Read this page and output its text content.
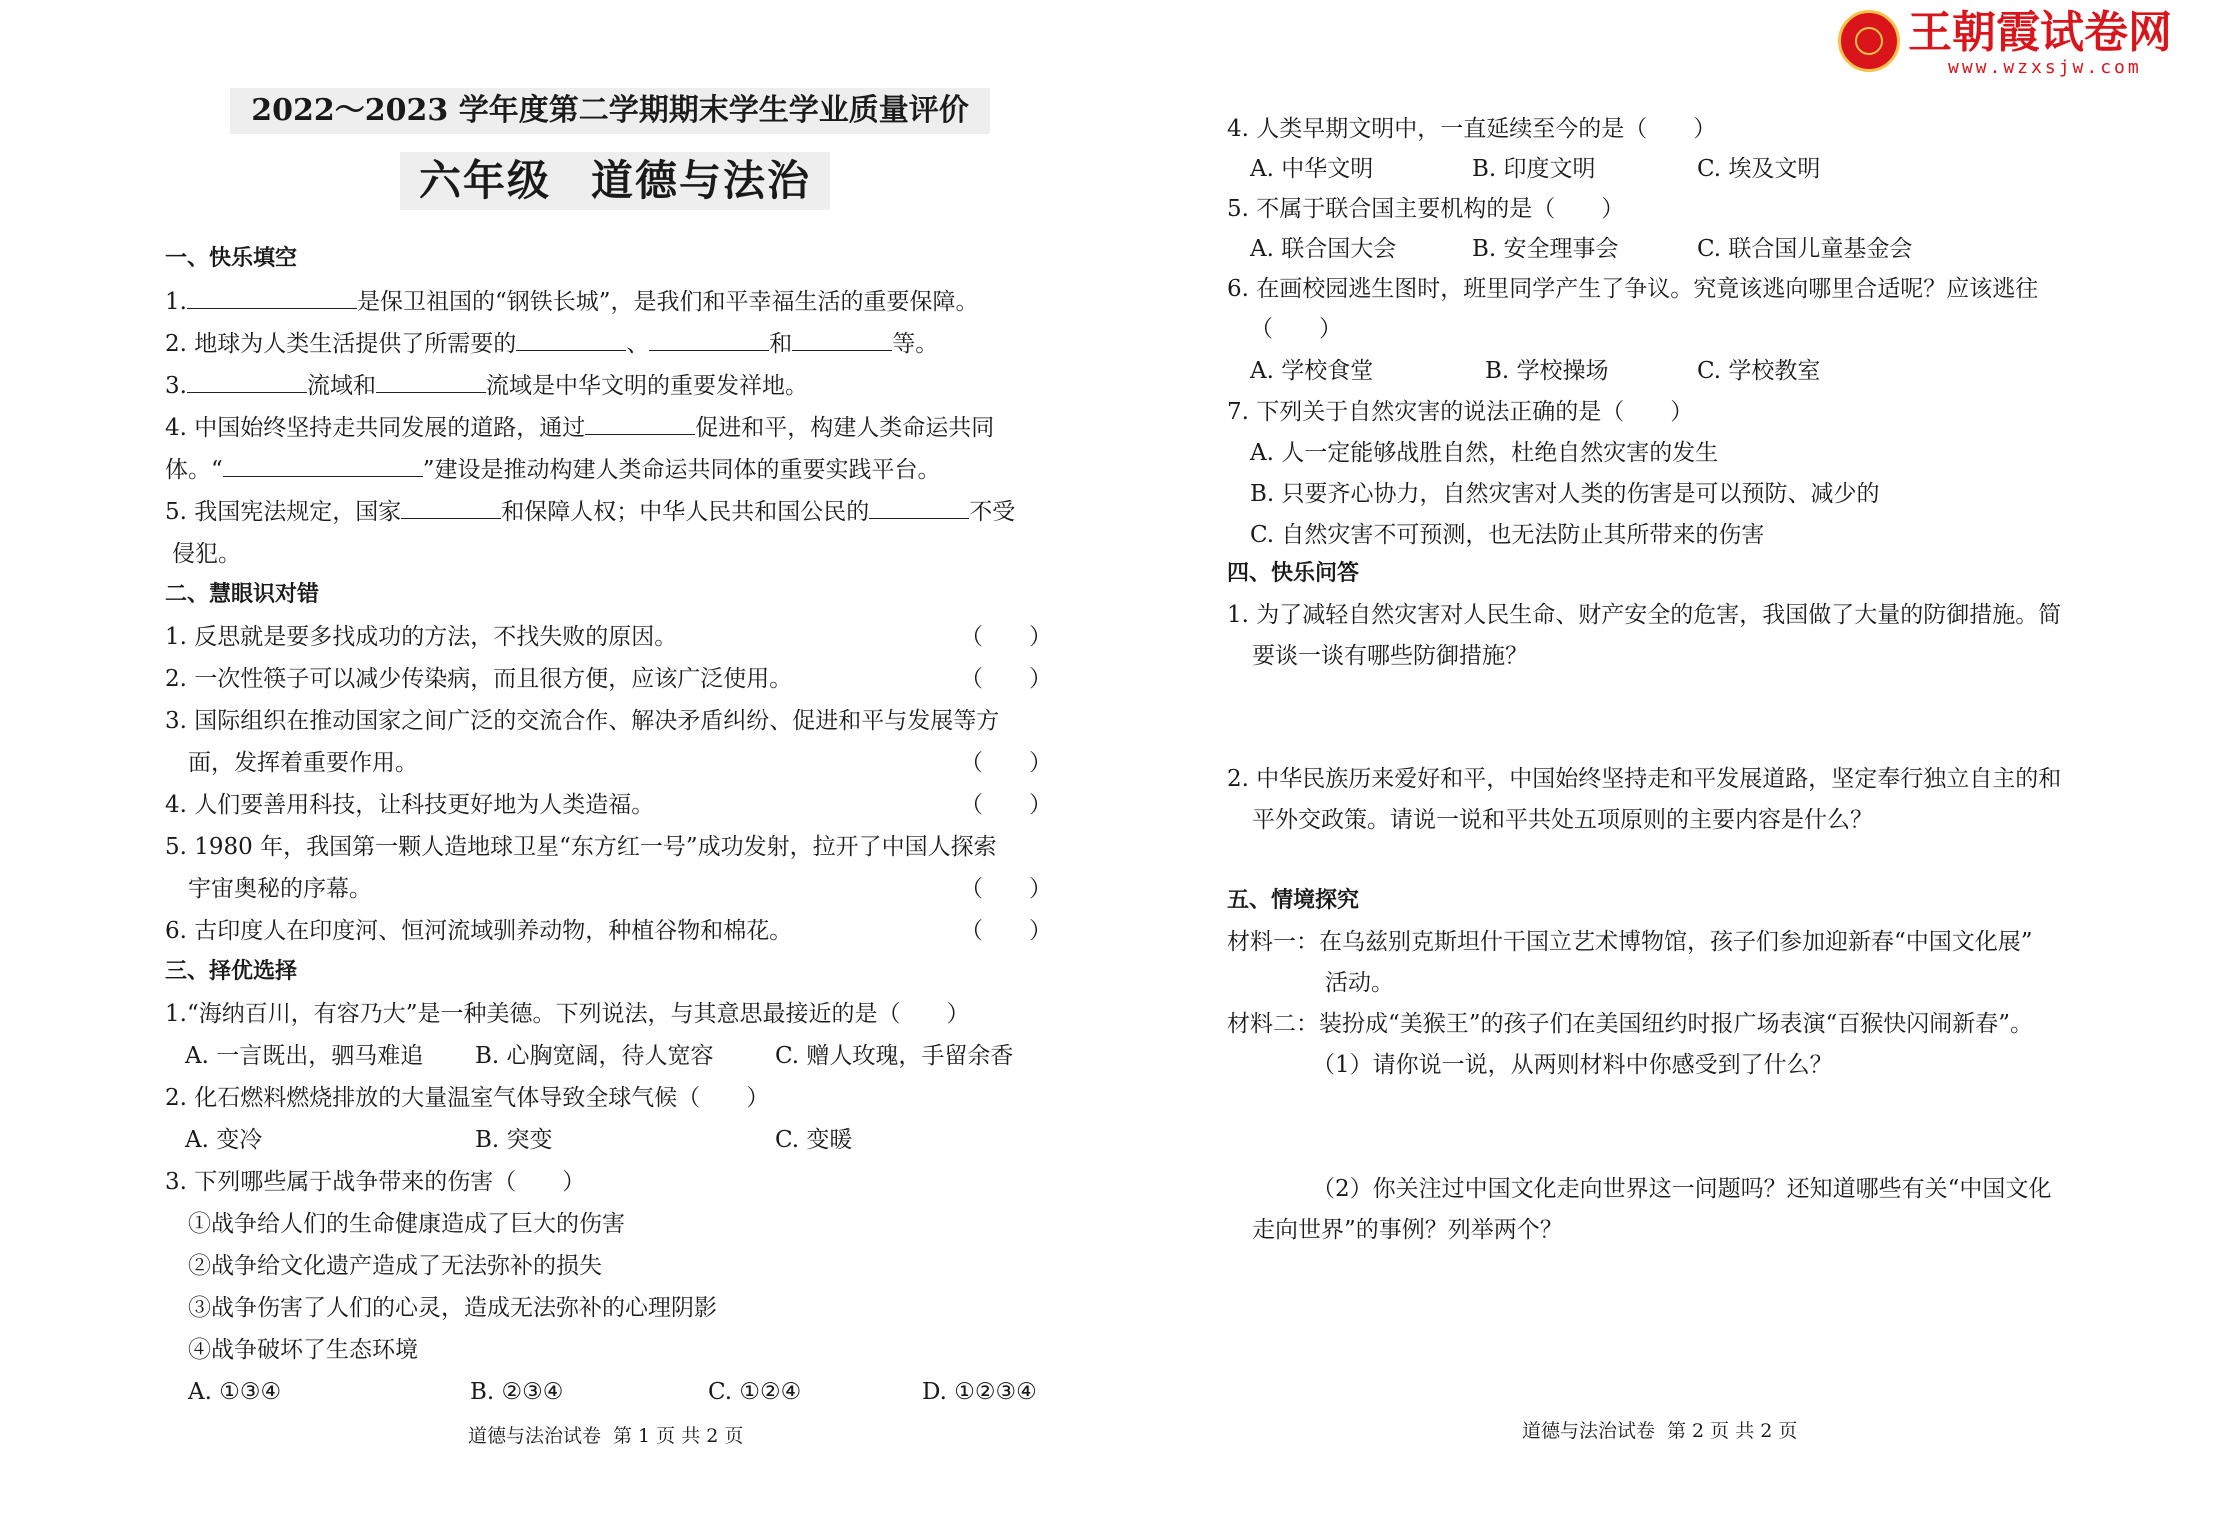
王朝霞试卷网
www.wzxsjw.com
2022～2023 学年度第二学期期末学生学业质量评价
六年级 道德与法治
一、快乐填空
1.	是保卫祖国的“钢铁长城”，是我们和平幸福生活的重要保障。
2. 地球为人类生活提供了所需要的	、	和	等。
3.	流域和	流域是中华文明的重要发祥地。
4. 中国始终坚持走共同发展的道路，通过	促进和平，构建人类命运共同
体。“	”建设是推动构建人类命运共同体的重要实践平台。
5. 我国宪法规定，国家	和保障人权；中华人民共和国公民的	不受
侵犯。
二、慧眼识对错
1. 反思就是要多找成功的方法，不找失败的原因。	（　　）
2. 一次性筷子可以减少传染病，而且很方便，应该广泛使用。	（　　）
3. 国际组织在推动国家之间广泛的交流合作、解决矛盾纠纷、促进和平与发展等方
面，发挥着重要作用。	（　　）
4. 人们要善用科技，让科技更好地为人类造福。	（　　）
5. 1980 年，我国第一颗人造地球卫星“东方红一号”成功发射，拉开了中国人探索
宇宙奥秘的序幕。	（　　）
6. 古印度人在印度河、恒河流域驯养动物，种植谷物和棉花。	（　　）
三、择优选择
1.“海纳百川，有容乃大”是一种美德。下列说法，与其意思最接近的是（　　）
A. 一言既出，驷马难追 B. 心胸宽阔，待人宽容	C. 赠人玫瑰，手留余香
2. 化石燃料燃烧排放的大量温室气体导致全球气候（　　）
A. 变冷	B. 突变	C. 变暖
3. 下列哪些属于战争带来的伤害（　　）
①战争给人们的生命健康造成了巨大的伤害
②战争给文化遗产造成了无法弥补的损失
③战争伤害了人们的心灵，造成无法弥补的心理阴影
④战争破坏了生态环境
A. ①③④	B. ②③④	C. ①②④	D. ①②③④
道德与法治试卷 第 1 页 共 2 页
4. 人类早期文明中，一直延续至今的是（　　）
A. 中华文明	B. 印度文明	C. 埃及文明
5. 不属于联合国主要机构的是（　　）
A. 联合国大会	B. 安全理事会	C. 联合国儿童基金会
6. 在画校园逃生图时，班里同学产生了争议。究竟该逃向哪里合适呢？应该逃往
（　　）
A. 学校食堂	B. 学校操场	C. 学校教室
7. 下列关于自然灾害的说法正确的是（　　）
A. 人一定能够战胜自然，杜绝自然灾害的发生
B. 只要齐心协力，自然灾害对人类的伤害是可以预防、减少的
C. 自然灾害不可预测，也无法防止其所带来的伤害
四、快乐问答
1. 为了减轻自然灾害对人民生命、财产安全的危害，我国做了大量的防御措施。简
要谈一谈有哪些防御措施？
2. 中华民族历来爱好和平，中国始终坚持走和平发展道路，坚定奉行独立自主的和
平外交政策。请说一说和平共处五项原则的主要内容是什么？
五、情境探究
材料一：在乌兹别克斯坦什干国立艺术博物馆，孩子们参加迎新春“中国文化展”
活动。
材料二：装扮成“美猴王”的孩子们在美国纽约时报广场表演“百猴快闪闹新春”。
（1）请你说一说，从两则材料中你感受到了什么？
（2）你关注过中国文化走向世界这一问题吗？还知道哪些有关“中国文化
走向世界”的事例？列举两个？
道德与法治试卷 第 2 页 共 2 页
